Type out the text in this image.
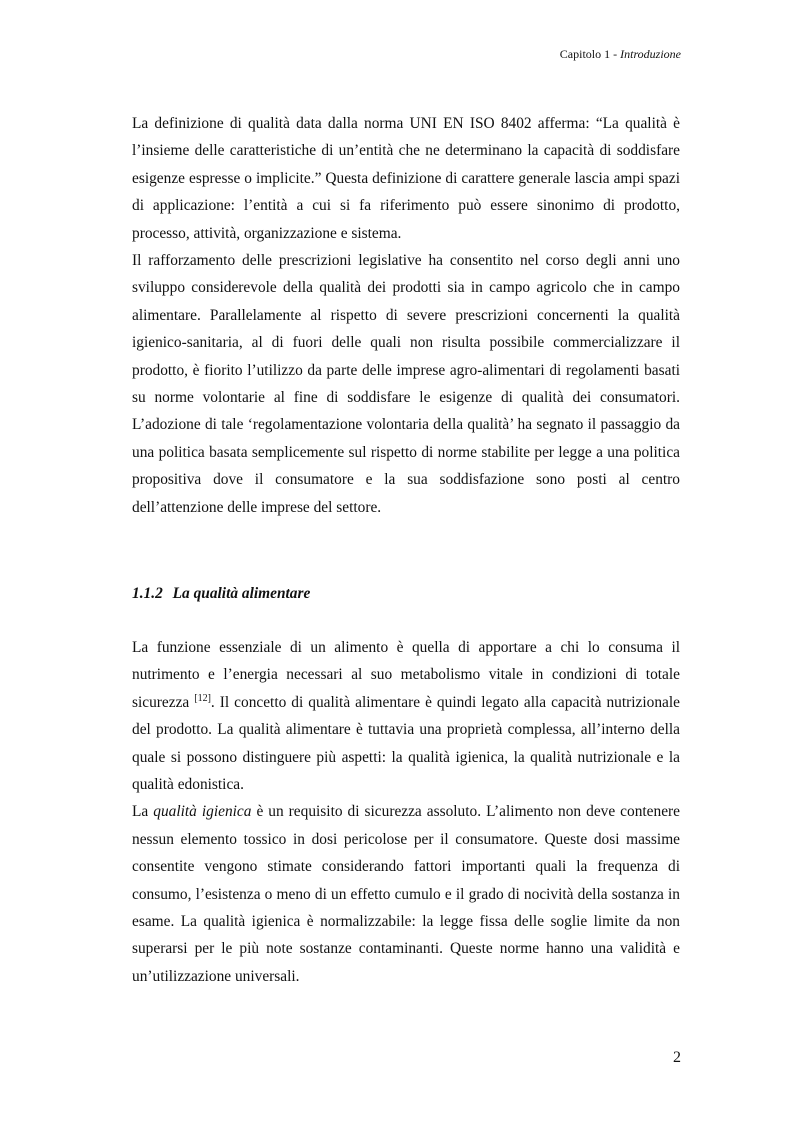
Capitolo 1 - Introduzione

La definizione di qualità data dalla norma UNI EN ISO 8402 afferma: “La qualità è l’insieme delle caratteristiche di un’entità che ne determinano la capacità di soddisfare esigenze espresse o implicite.” Questa definizione di carattere generale lascia ampi spazi di applicazione: l’entità a cui si fa riferimento può essere sinonimo di prodotto, processo, attività, organizzazione e sistema.

Il rafforzamento delle prescrizioni legislative ha consentito nel corso degli anni uno sviluppo considerevole della qualità dei prodotti sia in campo agricolo che in campo alimentare. Parallelamente al rispetto di severe prescrizioni concernenti la qualità igienico-sanitaria, al di fuori delle quali non risulta possibile commercializzare il prodotto, è fiorito l’utilizzo da parte delle imprese agro-alimentari di regolamenti basati su norme volontarie al fine di soddisfare le esigenze di qualità dei consumatori. L’adozione di tale ‘regolamentazione volontaria della qualità’ ha segnato il passaggio da una politica basata semplicemente sul rispetto di norme stabilite per legge a una politica propositiva dove il consumatore e la sua soddisfazione sono posti al centro dell’attenzione delle imprese del settore.

1.1.2 La qualità alimentare

La funzione essenziale di un alimento è quella di apportare a chi lo consuma il nutrimento e l’energia necessari al suo metabolismo vitale in condizioni di totale sicurezza [12]. Il concetto di qualità alimentare è quindi legato alla capacità nutrizionale del prodotto. La qualità alimentare è tuttavia una proprietà complessa, all’interno della quale si possono distinguere più aspetti: la qualità igienica, la qualità nutrizionale e la qualità edonistica.

La qualità igienica è un requisito di sicurezza assoluto. L’alimento non deve contenere nessun elemento tossico in dosi pericolose per il consumatore. Queste dosi massime consentite vengono stimate considerando fattori importanti quali la frequenza di consumo, l’esistenza o meno di un effetto cumulo e il grado di nocività della sostanza in esame. La qualità igienica è normalizzabile: la legge fissa delle soglie limite da non superarsi per le più note sostanze contaminanti. Queste norme hanno una validità e un’utilizzazione universali.

2
